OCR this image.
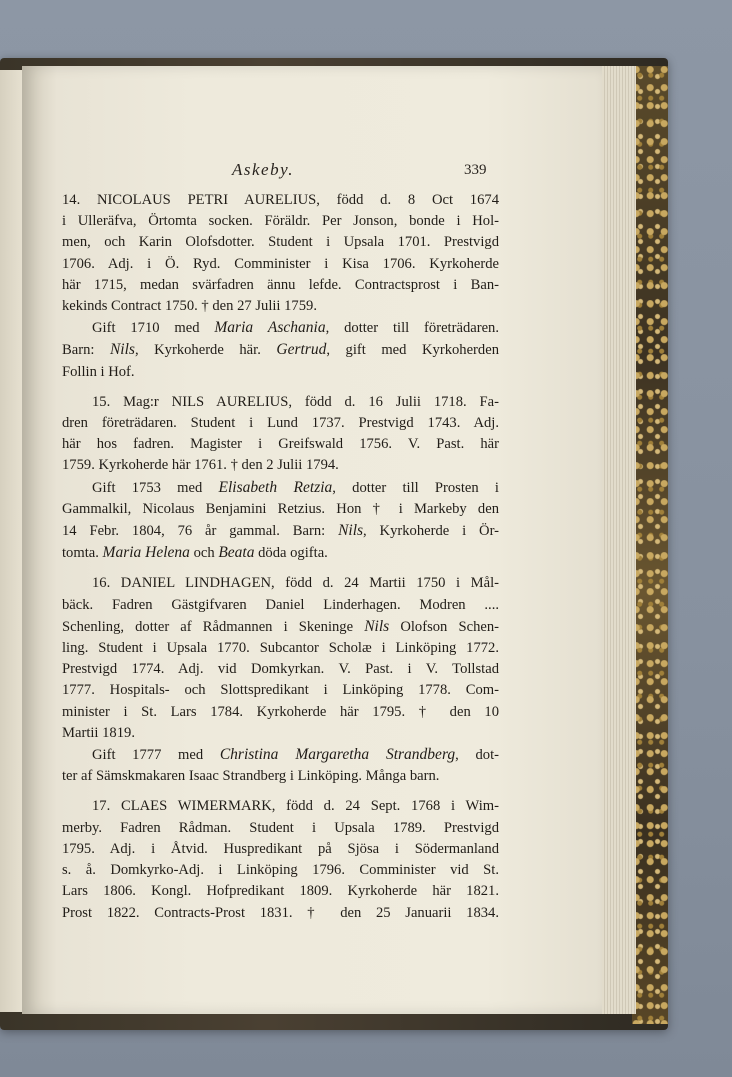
Askeby.	339

14. NICOLAUS PETRI AURELIUS, född d. 8 Oct 1674

i Ulleräfva, Örtomta socken. Föräldr. Per Jonson, bonde i Hol-

men, och Karin Olofsdotter. Student i Upsala 1701. Prestvigd

1706. Adj. i Ö. Ryd. Comminister i Kisa 1706. Kyrkoherde

här 1715, medan svärfadren ännu lefde. Contractsprost i Ban-

kekinds Contract 1750. † den 27 Julii 1759.

Gift 1710 med Maria Aschania, dotter till företrädaren.

Barn: Nils, Kyrkoherde här. Gertrud, gift med Kyrkoherden

Follin i Hof.

15. Mag:r NILS AURELIUS, född d. 16 Julii 1718. Fa-

dren företrädaren. Student i Lund 1737. Prestvigd 1743. Adj.

här hos fadren. Magister i Greifswald 1756. V. Past. här

1759. Kyrkoherde här 1761. † den 2 Julii 1794.

Gift 1753 med Elisabeth Retzia, dotter till Prosten i

Gammalkil, Nicolaus Benjamini Retzius. Hon † i Markeby den

14 Febr. 1804, 76 år gammal. Barn: Nils, Kyrkoherde i Ör-

tomta. Maria Helena och Beata döda ogifta.

16. DANIEL LINDHAGEN, född d. 24 Martii 1750 i Mål-

bäck. Fadren Gästgifvaren Daniel Linderhagen. Modren ....

Schenling, dotter af Rådmannen i Skeninge Nils Olofson Schen-

ling. Student i Upsala 1770. Subcantor Scholæ i Linköping 1772.

Prestvigd 1774. Adj. vid Domkyrkan. V. Past. i V. Tollstad

1777. Hospitals- och Slottspredikant i Linköping 1778. Com-

minister i St. Lars 1784. Kyrkoherde här 1795. † den 10

Martii 1819.

Gift 1777 med Christina Margaretha Strandberg, dot-

ter af Sämskmakaren Isaac Strandberg i Linköping. Många barn.

17. CLAES WIMERMARK, född d. 24 Sept. 1768 i Wim-

merby. Fadren Rådman. Student i Upsala 1789. Prestvigd

1795. Adj. i Åtvid. Huspredikant på Sjösa i Södermanland

s. å. Domkyrko-Adj. i Linköping 1796. Comminister vid St.

Lars 1806. Kongl. Hofpredikant 1809. Kyrkoherde här 1821.

Prost 1822. Contracts-Prost 1831. † den 25 Januarii 1834.
